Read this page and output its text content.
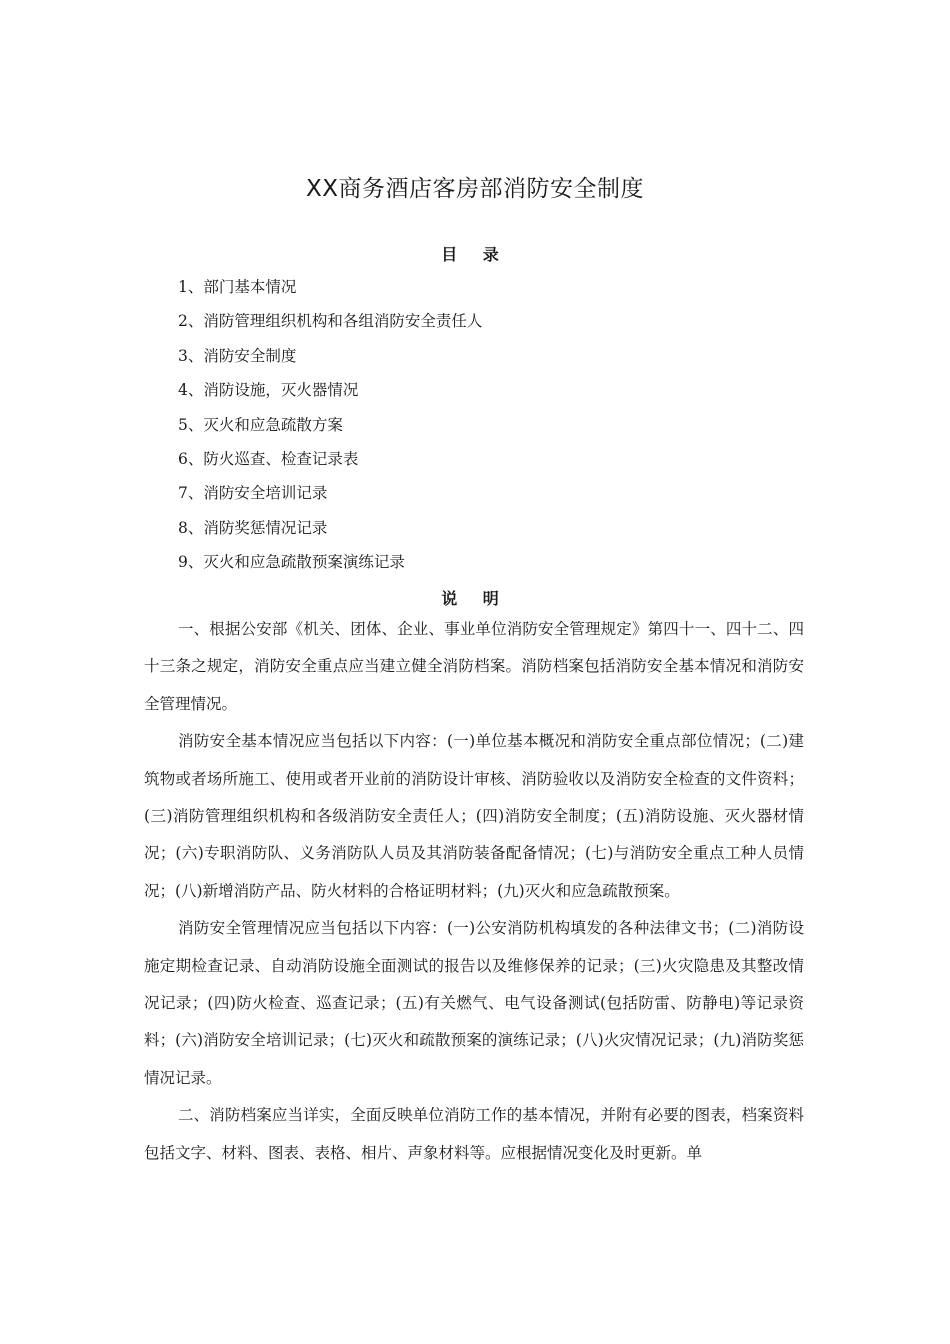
XX商务酒店客房部消防安全制度
目 录
1、部门基本情况
2、消防管理组织机构和各组消防安全责任人
3、消防安全制度
4、消防设施，灭火器情况
5、灭火和应急疏散方案
6、防火巡查、检查记录表
7、消防安全培训记录
8、消防奖惩情况记录
9、灭火和应急疏散预案演练记录
说 明

一、根据公安部《机关、团体、企业、事业单位消防安全管理规定》第四十一、四十二、四十三条之规定，消防安全重点应当建立健全消防档案。消防档案包括消防安全基本情况和消防安全管理情况。

消防安全基本情况应当包括以下内容：(一)单位基本概况和消防安全重点部位情况；(二)建筑物或者场所施工、使用或者开业前的消防设计审核、消防验收以及消防安全检查的文件资料；(三)消防管理组织机构和各级消防安全责任人；(四)消防安全制度；(五)消防设施、灭火器材情况；(六)专职消防队、义务消防队人员及其消防装备配备情况；(七)与消防安全重点工种人员情况；(八)新增消防产品、防火材料的合格证明材料；(九)灭火和应急疏散预案。

消防安全管理情况应当包括以下内容：(一)公安消防机构填发的各种法律文书；(二)消防设施定期检查记录、自动消防设施全面测试的报告以及维修保养的记录；(三)火灾隐患及其整改情况记录；(四)防火检查、巡查记录；(五)有关燃气、电气设备测试(包括防雷、防静电)等记录资料；(六)消防安全培训记录；(七)灭火和疏散预案的演练记录；(八)火灾情况记录；(九)消防奖惩情况记录。

二、消防档案应当详实，全面反映单位消防工作的基本情况，并附有必要的图表，档案资料包括文字、材料、图表、表格、相片、声象材料等。应根据情况变化及时更新。单
